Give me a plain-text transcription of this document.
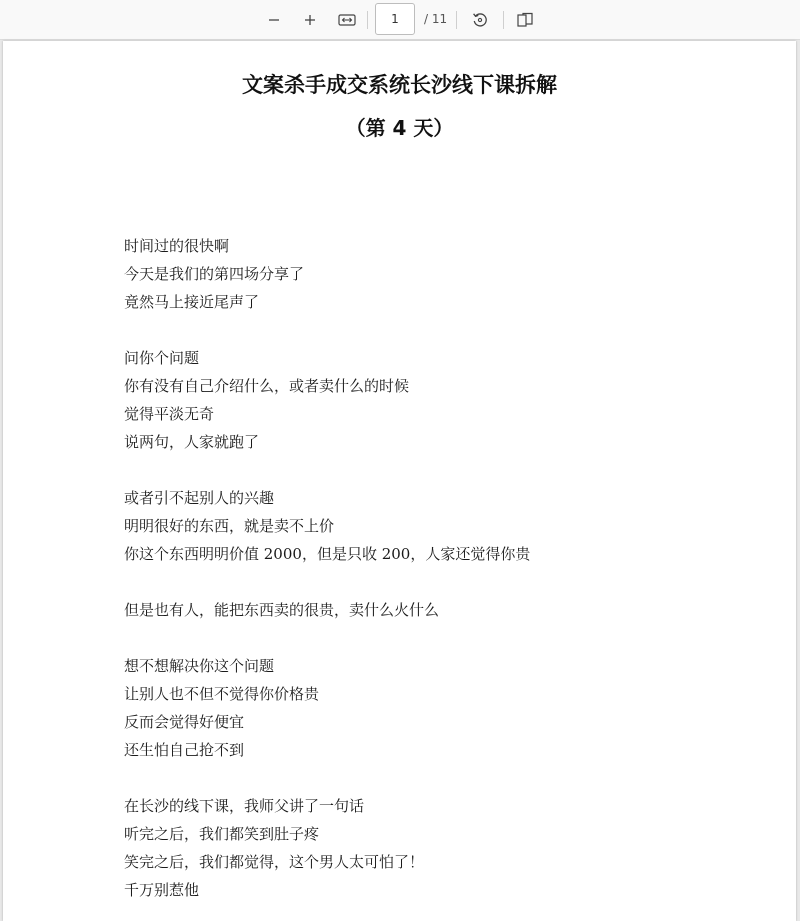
1
/ 11
文案杀手成交系统长沙线下课拆解
（第 4 天）
时间过的很快啊
今天是我们的第四场分享了
竟然马上接近尾声了
问你个问题
你有没有自己介绍什么，或者卖什么的时候
觉得平淡无奇
说两句，人家就跑了
或者引不起别人的兴趣
明明很好的东西，就是卖不上价
你这个东西明明价值 2000，但是只收 200，人家还觉得你贵
但是也有人，能把东西卖的很贵，卖什么火什么
想不想解决你这个问题
让别人也不但不觉得你价格贵
反而会觉得好便宜
还生怕自己抢不到
在长沙的线下课，我师父讲了一句话
听完之后，我们都笑到肚子疼
笑完之后，我们都觉得，这个男人太可怕了！
千万别惹他
